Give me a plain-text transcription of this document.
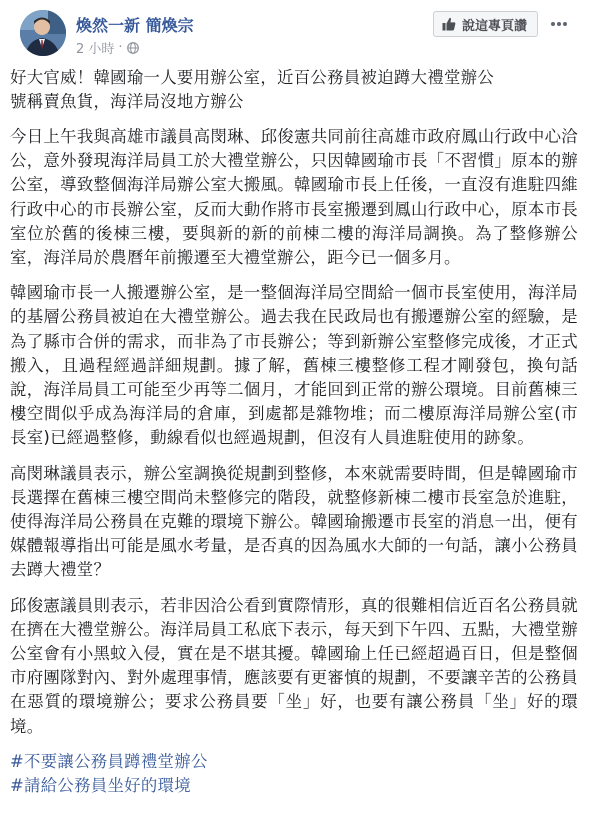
煥然一新 簡煥宗
2 小時 ·
說這專頁讚
好大官威！韓國瑜一人要用辦公室，近百公務員被迫蹲大禮堂辦公
號稱賣魚貨，海洋局沒地方辦公

今日上午我與高雄市議員高閔琳、邱俊憲共同前往高雄市政府鳳山行政中心洽公，意外發現海洋局員工於大禮堂辦公，只因韓國瑜市長「不習慣」原本的辦公室，導致整個海洋局辦公室大搬風。韓國瑜市長上任後，一直沒有進駐四維行政中心的市長辦公室，反而大動作將市長室搬遷到鳳山行政中心，原本市長室位於舊的後棟三樓，要與新的新的前棟二樓的海洋局調換。為了整修辦公室，海洋局於農曆年前搬遷至大禮堂辦公，距今已一個多月。

韓國瑜市長一人搬遷辦公室，是一整個海洋局空間給一個市長室使用，海洋局的基層公務員被迫在大禮堂辦公。過去我在民政局也有搬遷辦公室的經驗，是為了縣市合併的需求，而非為了市長辦公；等到新辦公室整修完成後，才正式搬入，且過程經過詳細規劃。據了解，舊棟三樓整修工程才剛發包，換句話說，海洋局員工可能至少再等二個月，才能回到正常的辦公環境。目前舊棟三樓空間似乎成為海洋局的倉庫，到處都是雜物堆；而二樓原海洋局辦公室(市長室)已經過整修，動線看似也經過規劃，但沒有人員進駐使用的跡象。

高閔琳議員表示，辦公室調換從規劃到整修，本來就需要時間，但是韓國瑜市長選擇在舊棟三樓空間尚未整修完的階段，就整修新棟二樓市長室急於進駐，使得海洋局公務員在克難的環境下辦公。韓國瑜搬遷市長室的消息一出，便有媒體報導指出可能是風水考量，是否真的因為風水大師的一句話，讓小公務員去蹲大禮堂？

邱俊憲議員則表示，若非因洽公看到實際情形，真的很難相信近百名公務員就在擠在大禮堂辦公。海洋局員工私底下表示，每天到下午四、五點，大禮堂辦公室會有小黑蚊入侵，實在是不堪其擾。韓國瑜上任已經超過百日，但是整個市府團隊對內、對外處理事情，應該要有更審慎的規劃，不要讓辛苦的公務員在惡質的環境辦公；要求公務員要「坐」好，也要有讓公務員「坐」好的環境。

#不要讓公務員蹲禮堂辦公
#請給公務員坐好的環境
